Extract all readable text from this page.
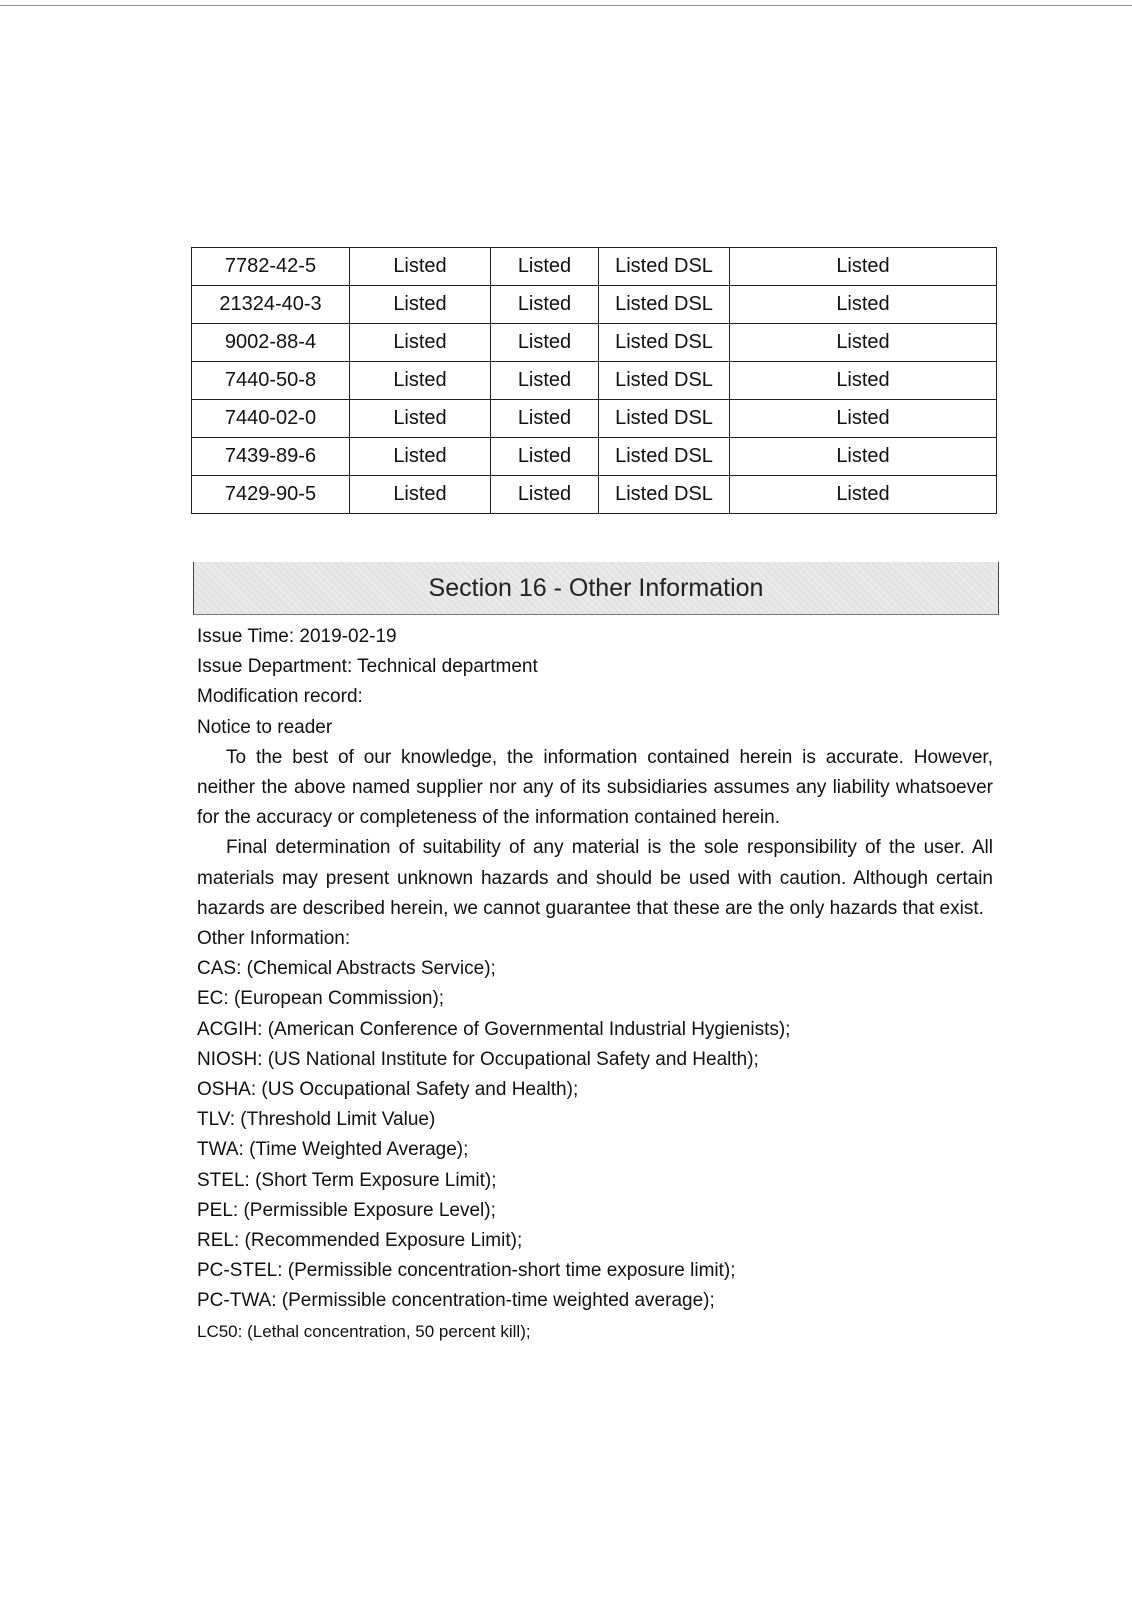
7782-42-5	Listed	Listed	Listed DSL	Listed
21324-40-3	Listed	Listed	Listed DSL	Listed
9002-88-4	Listed	Listed	Listed DSL	Listed
7440-50-8	Listed	Listed	Listed DSL	Listed
7440-02-0	Listed	Listed	Listed DSL	Listed
7439-89-6	Listed	Listed	Listed DSL	Listed
7429-90-5	Listed	Listed	Listed DSL	Listed
Section 16 - Other Information
Issue Time: 2019-02-19
Issue Department: Technical department
Modification record:
Notice to reader

To the best of our knowledge, the information contained herein is accurate. However, neither the above named supplier nor any of its subsidiaries assumes any liability whatsoever for the accuracy or completeness of the information contained herein.

Final determination of suitability of any material is the sole responsibility of the user. All materials may present unknown hazards and should be used with caution. Although certain hazards are described herein, we cannot guarantee that these are the only hazards that exist.

Other Information:
CAS: (Chemical Abstracts Service);
EC: (European Commission);
ACGIH: (American Conference of Governmental Industrial Hygienists);
NIOSH: (US National Institute for Occupational Safety and Health);
OSHA: (US Occupational Safety and Health);
TLV: (Threshold Limit Value)
TWA: (Time Weighted Average);
STEL: (Short Term Exposure Limit);
PEL: (Permissible Exposure Level);
REL: (Recommended Exposure Limit);
PC-STEL: (Permissible concentration-short time exposure limit);
PC-TWA: (Permissible concentration-time weighted average);
LC50: (Lethal concentration, 50 percent kill);
